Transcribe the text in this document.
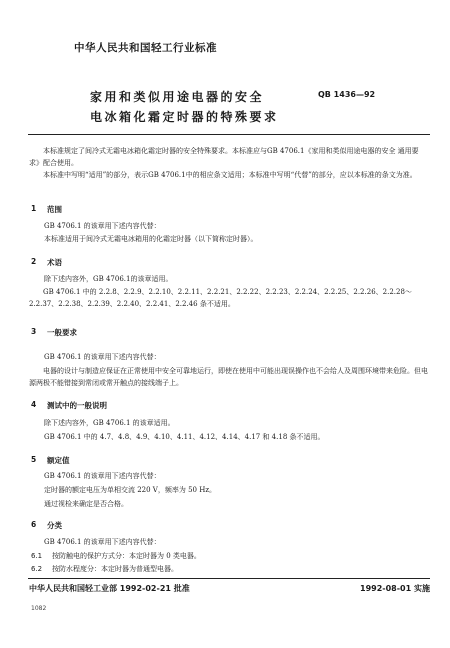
中华人民共和国轻工行业标准
家用和类似用途电器的安全
电冰箱化霜定时器的特殊要求
QB 1436—92
本标准规定了间冷式无霜电冰箱化霜定时器的安全特殊要求。本标准应与GB 4706.1《家用和类似用途电器的安全 通用要求》配合使用。
本标准中写明“适用”的部分，表示GB 4706.1中的相应条文适用；本标准中写明“代替”的部分，应以本标准的条文为准。
1 范围
GB 4706.1 的该章用下述内容代替：
本标准适用于间冷式无霜电冰箱用的化霜定时器（以下简称定时器）。
2 术语
除下述内容外，GB 4706.1的该章适用。
GB 4706.1 中的 2.2.8、2.2.9、2.2.10、2.2.11、2.2.21、2.2.22、2.2.23、2.2.24、2.2.25、2.2.26、2.2.28～2.2.37、2.2.38、2.2.39、2.2.40、2.2.41、2.2.46 条不适用。
3 一般要求
GB 4706.1 的该章用下述内容代替：
电器的设计与制造应保证在正常使用中安全可靠地运行，即使在使用中可能出现误操作也不会给人及周围环境带来危险。但电源两极不能错接到常闭或常开触点的接线端子上。
4 测试中的一般说明
除下述内容外，GB 4706.1 的该章适用。
GB 4706.1 中的 4.7、4.8、4.9、4.10、4.11、4.12、4.14、4.17 和 4.18 条不适用。
5 额定值
GB 4706.1 的该章用下述内容代替：
定时器的额定电压为单相交流 220 V，频率为 50 Hz。
通过视检来确定是否合格。
6 分类
GB 4706.1 的该章用下述内容代替：
6.1 按防触电的保护方式分：本定时器为 0 类电器。
6.2 按防水程度分：本定时器为普通型电器。
中华人民共和国轻工业部 1992-02-21 批准	1992-08-01 实施
1082
